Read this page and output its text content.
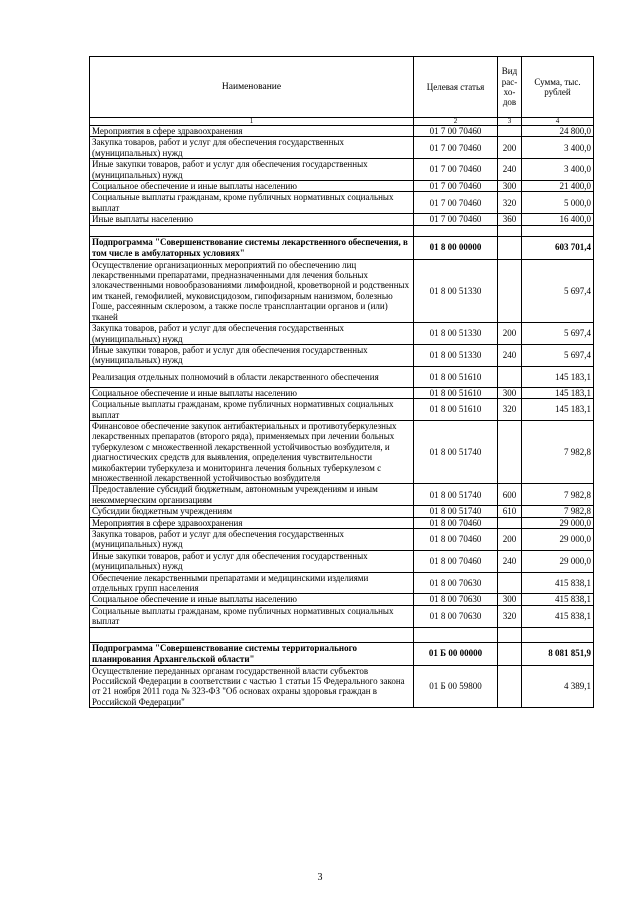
Наименование	Целевая статья	Вид рас-хо-дов	Сумма, тыс. рублей
1	2	3	4
Мероприятия в сфере здравоохранения	01 7 00 70460		24 800,0
Закупка товаров, работ и услуг для обеспечения государственных (муниципальных) нужд	01 7 00 70460	200	3 400,0
Иные закупки товаров, работ и услуг для обеспечения государственных (муниципальных) нужд	01 7 00 70460	240	3 400,0
Социальное обеспечение и иные выплаты населению	01 7 00 70460	300	21 400,0
Социальные выплаты гражданам, кроме публичных нормативных социальных выплат	01 7 00 70460	320	5 000,0
Иные выплаты населению	01 7 00 70460	360	16 400,0

Подпрограмма "Совершенствование системы лекарственного обеспечения, в том числе в амбулаторных условиях"	01 8 00 00000		603 701,4
Осуществление организационных мероприятий по обеспечению лиц лекарственными препаратами, предназначенными для лечения больных злокачественными новообразованиями лимфоидной, кроветворной и родственных им тканей, гемофилией, муковисцидозом, гипофизарным нанизмом, болезнью Гоше, рассеянным склерозом, а также после трансплантации органов и (или) тканей	01 8 00 51330		5 697,4
Закупка товаров, работ и услуг для обеспечения государственных (муниципальных) нужд	01 8 00 51330	200	5 697,4
Иные закупки товаров, работ и услуг для обеспечения государственных (муниципальных) нужд	01 8 00 51330	240	5 697,4
Реализация отдельных полномочий в области лекарственного обеспечения	01 8 00 51610		145 183,1
Социальное обеспечение и иные выплаты населению	01 8 00 51610	300	145 183,1
Социальные выплаты гражданам, кроме публичных нормативных социальных выплат	01 8 00 51610	320	145 183,1
Финансовое обеспечение закупок антибактериальных и противотуберкулезных лекарственных препаратов (второго ряда), применяемых при лечении больных туберкулезом с множественной лекарственной устойчивостью возбудителя, и диагностических средств для выявления, определения чувствительности микобактерии туберкулеза и мониторинга лечения больных туберкулезом с множественной лекарственной устойчивостью возбудителя	01 8 00 51740		7 982,8
Предоставление субсидий бюджетным, автономным учреждениям и иным некоммерческим организациям	01 8 00 51740	600	7 982,8
Субсидии бюджетным учреждениям	01 8 00 51740	610	7 982,8
Мероприятия в сфере здравоохранения	01 8 00 70460		29 000,0
Закупка товаров, работ и услуг для обеспечения государственных (муниципальных) нужд	01 8 00 70460	200	29 000,0
Иные закупки товаров, работ и услуг для обеспечения государственных (муниципальных) нужд	01 8 00 70460	240	29 000,0
Обеспечение лекарственными препаратами и медицинскими изделиями отдельных групп населения	01 8 00 70630		415 838,1
Социальное обеспечение и иные выплаты населению	01 8 00 70630	300	415 838,1
Социальные выплаты гражданам, кроме публичных нормативных социальных выплат	01 8 00 70630	320	415 838,1

Подпрограмма "Совершенствование системы территориального планирования Архангельской области"	01 Б 00 00000		8 081 851,9
Осуществление переданных органам государственной власти субъектов Российской Федерации в соответствии с частью 1 статьи 15 Федерального закона от 21 ноября 2011 года № 323-ФЗ "Об основах охраны здоровья граждан в Российской Федерации"	01 Б 00 59800		4 389,1
3
